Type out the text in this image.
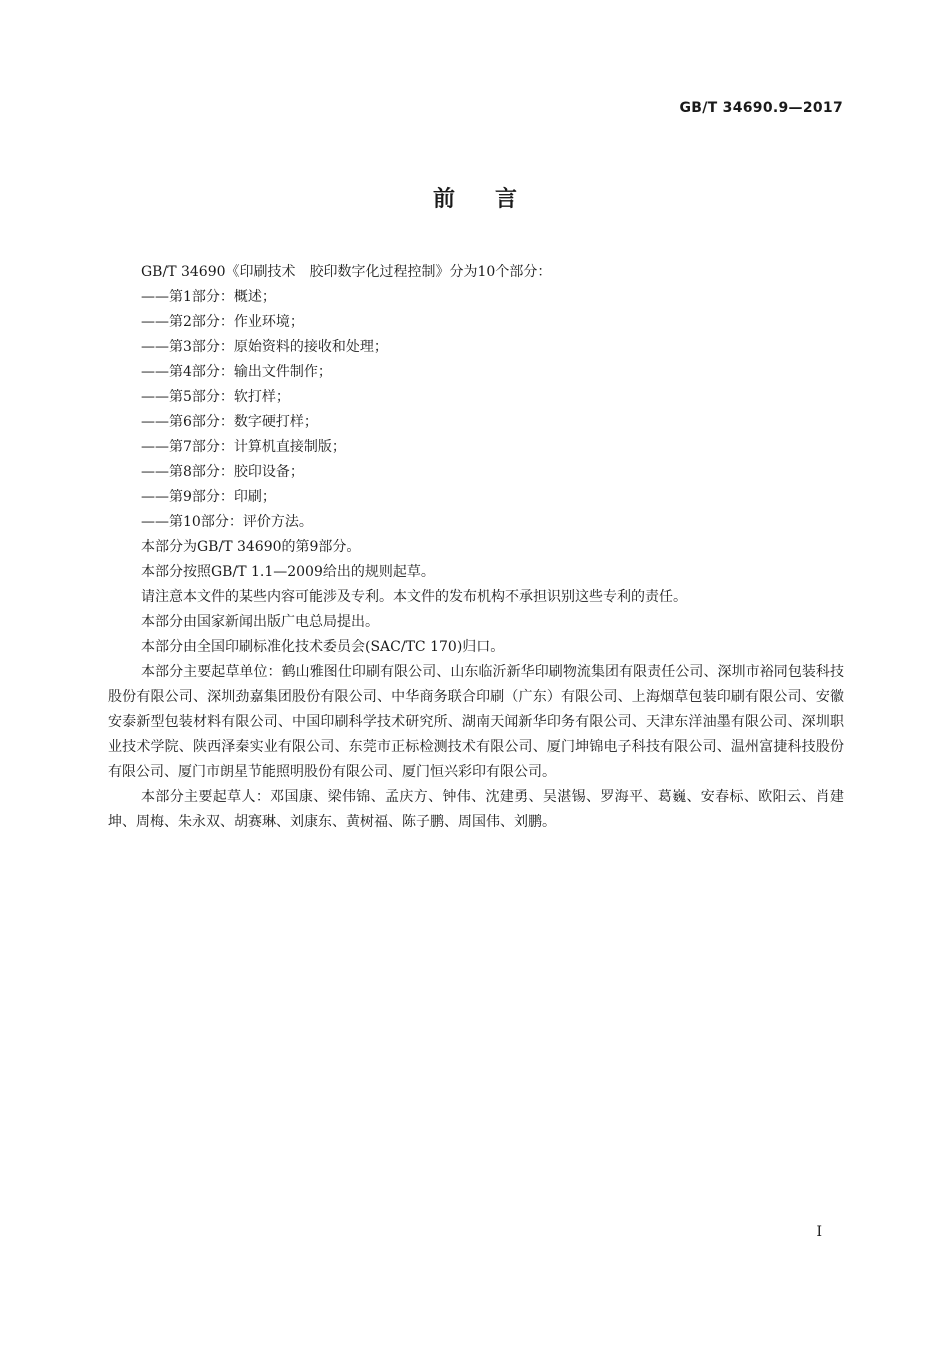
GB/T 34690.9—2017
前言

GB/T 34690《印刷技术　胶印数字化过程控制》分为10个部分：

——第1部分：概述；
——第2部分：作业环境；
——第3部分：原始资料的接收和处理；
——第4部分：输出文件制作；
——第5部分：软打样；
——第6部分：数字硬打样；
——第7部分：计算机直接制版；
——第8部分：胶印设备；
——第9部分：印刷；
——第10部分：评价方法。

本部分为GB/T 34690的第9部分。

本部分按照GB/T 1.1—2009给出的规则起草。

请注意本文件的某些内容可能涉及专利。本文件的发布机构不承担识别这些专利的责任。

本部分由国家新闻出版广电总局提出。

本部分由全国印刷标准化技术委员会(SAC/TC 170)归口。

本部分主要起草单位：鹤山雅图仕印刷有限公司、山东临沂新华印刷物流集团有限责任公司、深圳市裕同包装科技股份有限公司、深圳劲嘉集团股份有限公司、中华商务联合印刷（广东）有限公司、上海烟草包装印刷有限公司、安徽安泰新型包装材料有限公司、中国印刷科学技术研究所、湖南天闻新华印务有限公司、天津东洋油墨有限公司、深圳职业技术学院、陕西泽秦实业有限公司、东莞市正标检测技术有限公司、厦门坤锦电子科技有限公司、温州富捷科技股份有限公司、厦门市朗星节能照明股份有限公司、厦门恒兴彩印有限公司。

本部分主要起草人：邓国康、梁伟锦、孟庆方、钟伟、沈建勇、吴湛锡、罗海平、葛巍、安春标、欧阳云、肖建坤、周梅、朱永双、胡赛琳、刘康东、黄树福、陈子鹏、周国伟、刘鹏。

I
